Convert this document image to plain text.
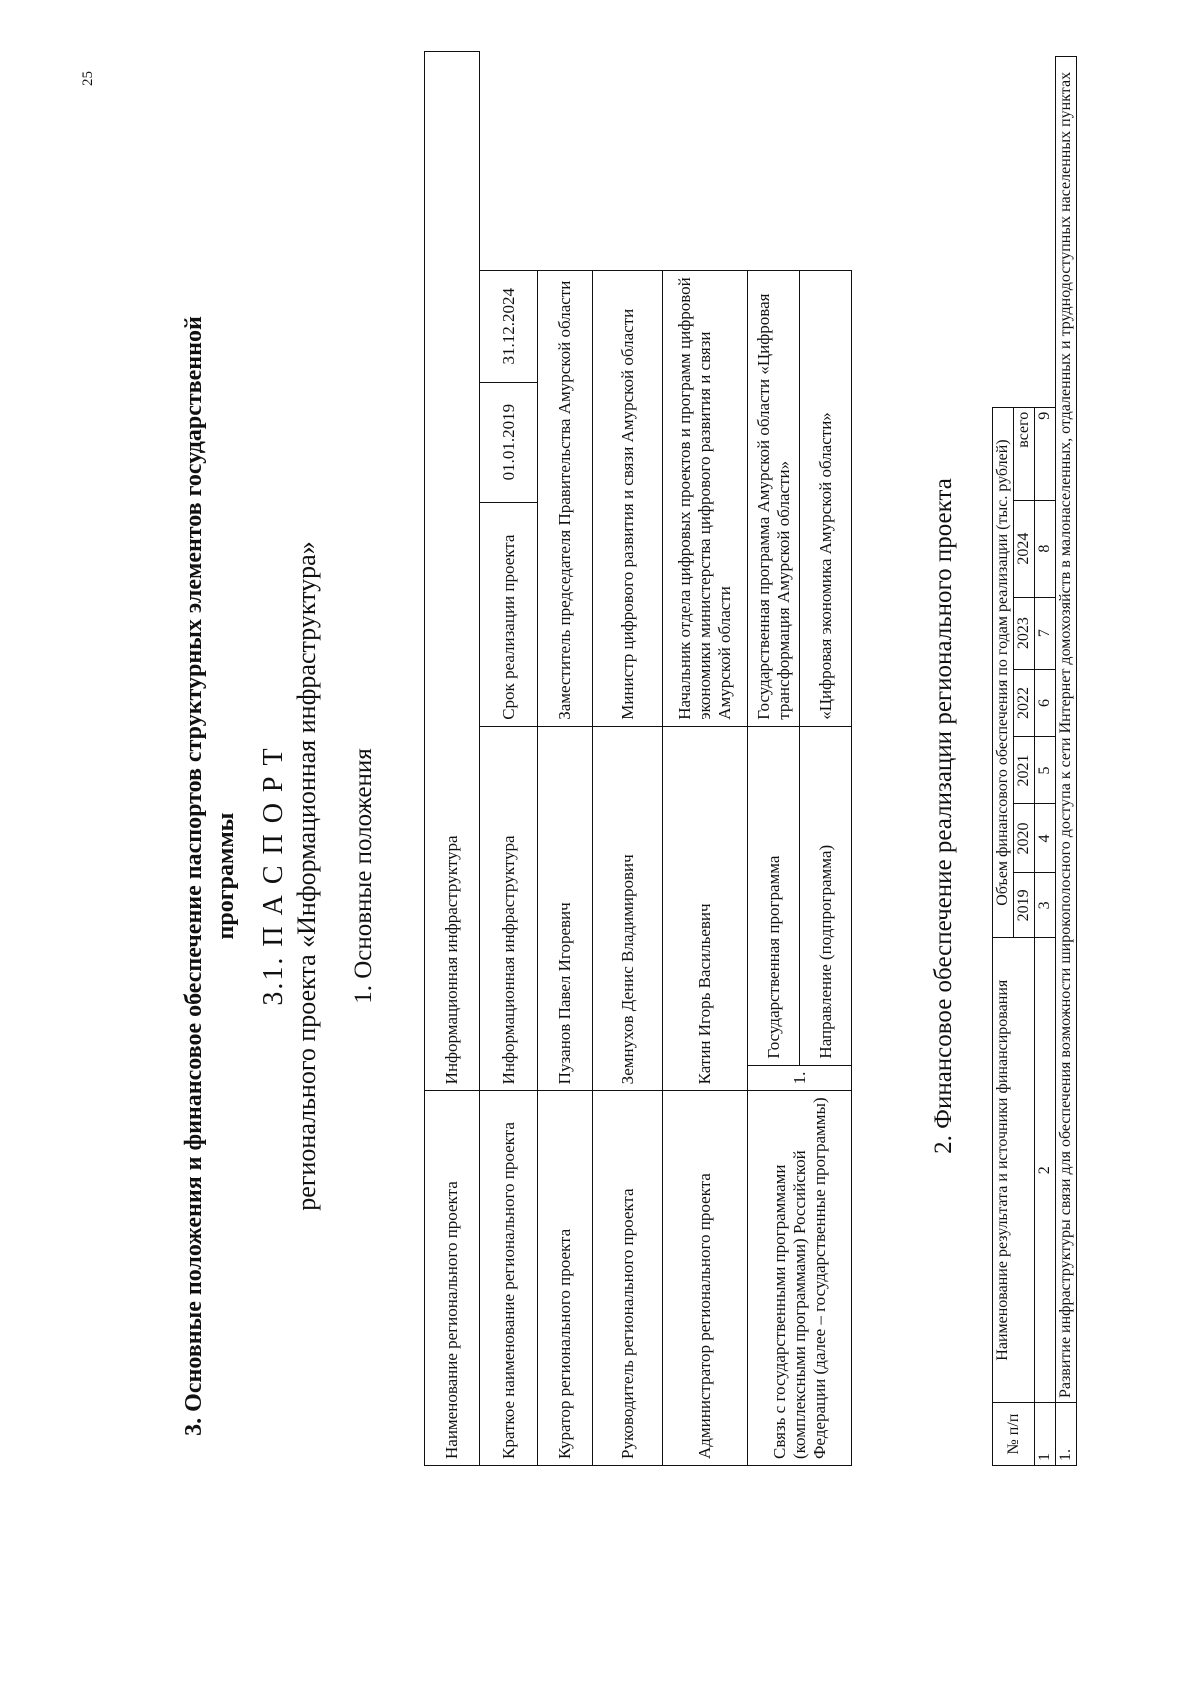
25
3. Основные положения и финансовое обеспечение паспортов структурных элементов государственной программы 3.1. П А С П О Р Т регионального проекта «Информационная инфраструктура» 1. Основные положения
Наименование регионального проекта	Информационная инфраструктура					
Краткое наименование регионального проекта	Информационная инфраструктура		Срок реализации проекта	01.01.2019	31.12.2024	
Куратор регионального проекта	Пузанов Павел Игоревич		Заместитель председателя Правительства Амурской области			
Руководитель регионального проекта	Земнухов Денис Владимирович		Министр цифрового развития и связи Амурской области			
Администратор регионального проекта	Катин Игорь Васильевич		Начальник отдела цифровых проектов и программ цифровой экономики министерства цифрового развития и связи Амурской области			
Связь с государственными программами (комплексными программами) Российской Федерации (далее – государственные программы)	1.	Государственная программа	Государственная программа Амурской области «Цифровая трансформация Амурской области»			
		Направление (подпрограмма)	«Цифровая экономика Амурской области»				2. Финансовое обеспечение реализации регионального проекта
№ п/п	Наименование результата и источники финансирования	Объем финансового обеспечения по годам реализации (тыс. рублей)							
		2019	2020	2021	2022	2023	2024	всего	
1	2	3	4	5	6	7	8	9	
1.	Развитие инфраструктуры связи для обеспечения возможности широкополосного доступа к сети Интернет домохозяйств в малонаселенных, отдаленных и труднодоступных населенных пунктах								
